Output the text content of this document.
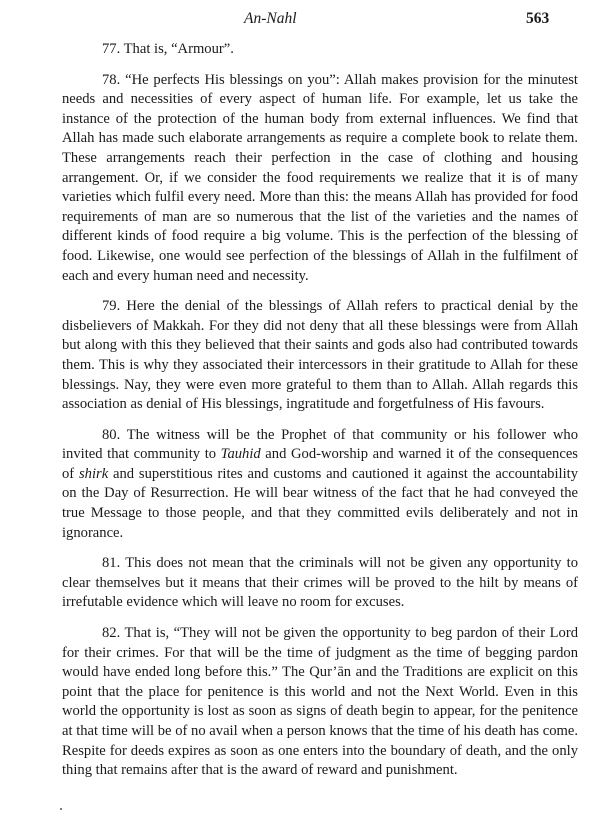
An-Nahl	563

77. That is, “Armour”.

78. “He perfects His blessings on you”: Allah makes provision for the minutest needs and necessities of every aspect of human life. For example, let us take the instance of the protection of the human body from external influences. We find that Allah has made such elaborate arrangements as require a complete book to relate them. These arrangements reach their perfection in the case of clothing and housing arrangement. Or, if we consider the food requirements we realize that it is of many varieties which fulfil every need. More than this: the means Allah has provided for food requirements of man are so numerous that the list of the varieties and the names of different kinds of food require a big volume. This is the perfection of the blessing of food. Likewise, one would see perfection of the blessings of Allah in the fulfilment of each and every human need and necessity.

79. Here the denial of the blessings of Allah refers to practical denial by the disbelievers of Makkah. For they did not deny that all these blessings were from Allah but along with this they believed that their saints and gods also had contributed towards them. This is why they associated their intercessors in their gratitude to Allah for these blessings. Nay, they were even more grateful to them than to Allah. Allah regards this association as denial of His blessings, ingratitude and forgetfulness of His favours.

80. The witness will be the Prophet of that community or his follower who invited that community to Tauhid and God-worship and warned it of the consequences of shirk and superstitious rites and customs and cautioned it against the accountability on the Day of Resurrection. He will bear witness of the fact that he had conveyed the true Message to those people, and that they committed evils deliberately and not in ignorance.

81. This does not mean that the criminals will not be given any opportunity to clear themselves but it means that their crimes will be proved to the hilt by means of irrefutable evidence which will leave no room for excuses.

82. That is, “They will not be given the opportunity to beg pardon of their Lord for their crimes. For that will be the time of judgment as the time of begging pardon would have ended long before this.” The Qur’ān and the Traditions are explicit on this point that the place for penitence is this world and not the Next World. Even in this world the opportunity is lost as soon as signs of death begin to appear, for the penitence at that time will be of no avail when a person knows that the time of his death has come. Respite for deeds expires as soon as one enters into the boundary of death, and the only thing that remains after that is the award of reward and punishment.
